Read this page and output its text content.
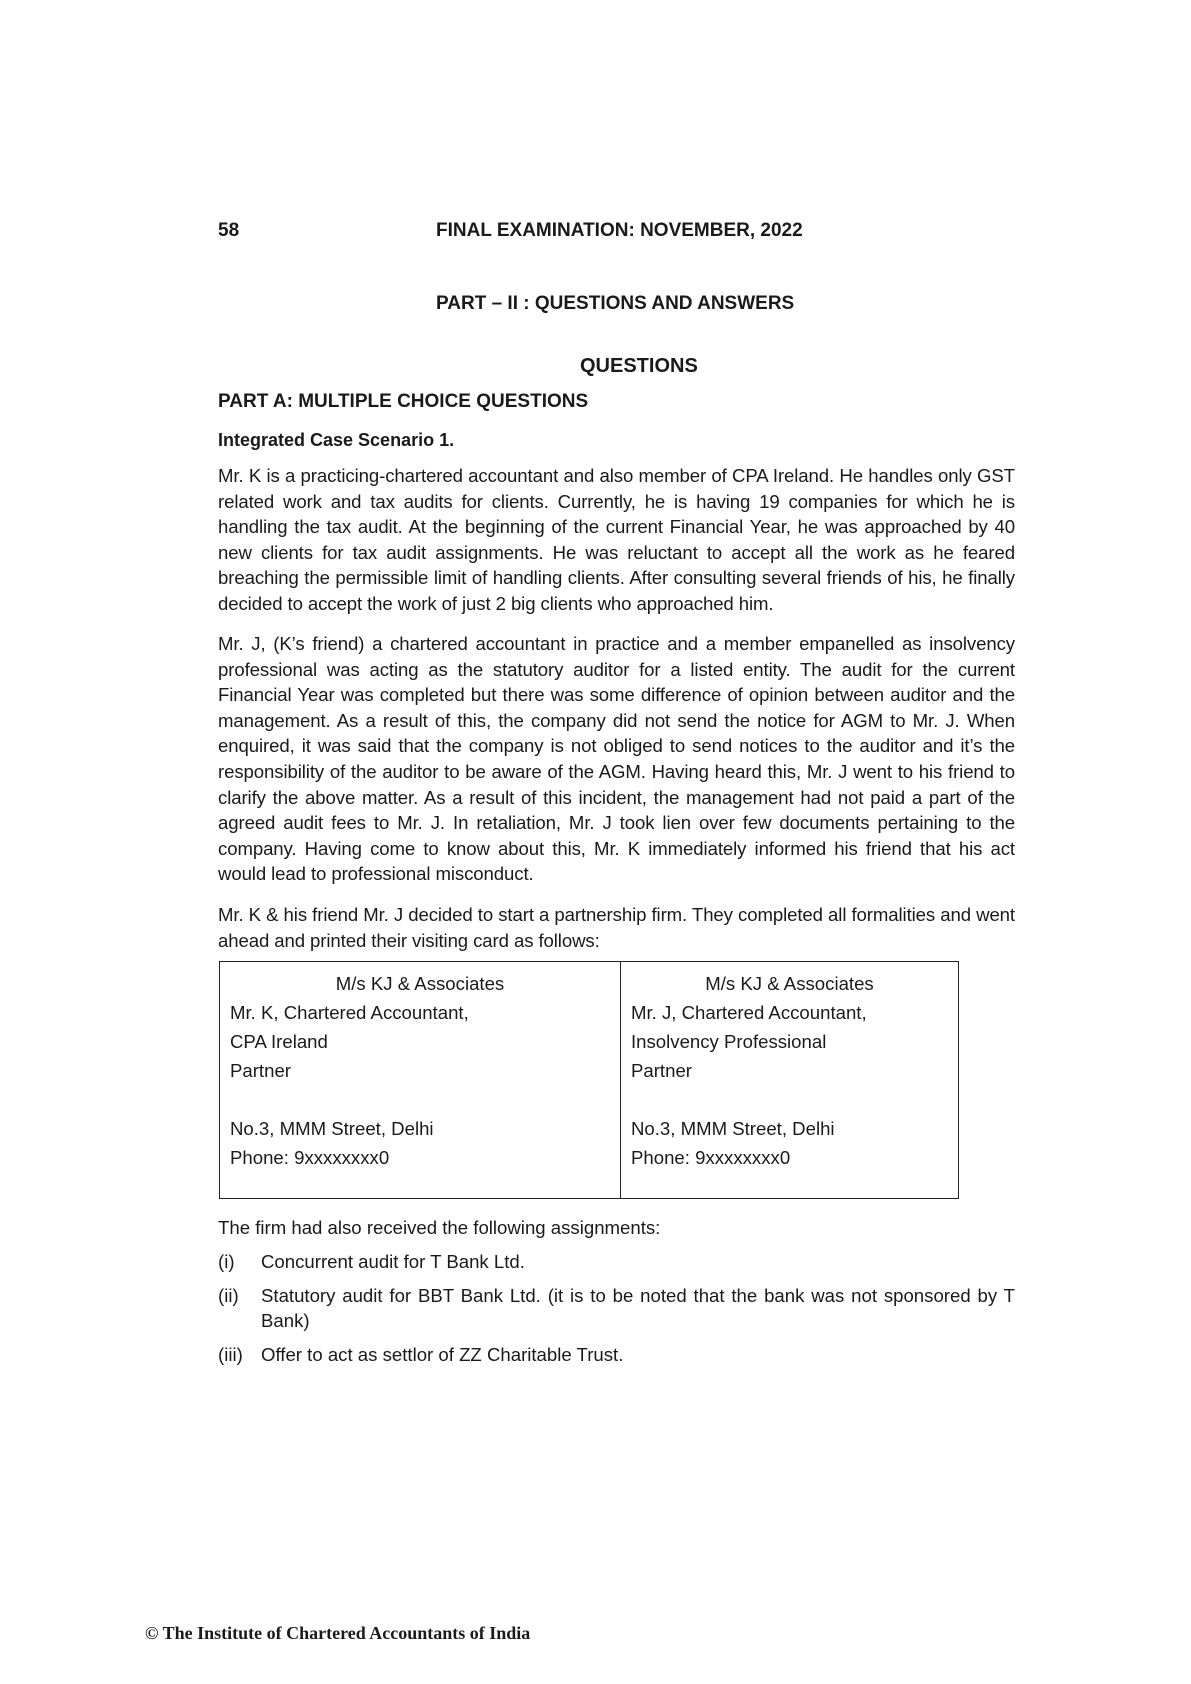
58	FINAL EXAMINATION: NOVEMBER, 2022
PART – II : QUESTIONS AND ANSWERS
QUESTIONS
PART A: MULTIPLE CHOICE QUESTIONS
Integrated Case Scenario 1.

Mr. K is a practicing-chartered accountant and also member of CPA Ireland. He handles only GST related work and tax audits for clients. Currently, he is having 19 companies for which he is handling the tax audit. At the beginning of the current Financial Year, he was approached by 40 new clients for tax audit assignments. He was reluctant to accept all the work as he feared breaching the permissible limit of handling clients. After consulting several friends of his, he finally decided to accept the work of just 2 big clients who approached him.

Mr. J, (K’s friend) a chartered accountant in practice and a member empanelled as insolvency professional was acting as the statutory auditor for a listed entity. The audit for the current Financial Year was completed but there was some difference of opinion between auditor and the management. As a result of this, the company did not send the notice for AGM to Mr. J. When enquired, it was said that the company is not obliged to send notices to the auditor and it’s the responsibility of the auditor to be aware of the AGM. Having heard this, Mr. J went to his friend to clarify the above matter. As a result of this incident, the management had not paid a part of the agreed audit fees to Mr. J. In retaliation, Mr. J took lien over few documents pertaining to the company. Having come to know about this, Mr. K immediately informed his friend that his act would lead to professional misconduct.

Mr. K & his friend Mr. J decided to start a partnership firm. They completed all formalities and went ahead and printed their visiting card as follows:

M/s KJ & Associates
Mr. K, Chartered Accountant,
CPA Ireland
Partner
No.3, MMM Street, Delhi
Phone: 9xxxxxxxx0
M/s KJ & Associates
Mr. J, Chartered Accountant,
Insolvency Professional
Partner
No.3, MMM Street, Delhi
Phone: 9xxxxxxxx0
The firm had also received the following assignments:
(i)	Concurrent audit for T Bank Ltd.
(ii)	Statutory audit for BBT Bank Ltd. (it is to be noted that the bank was not sponsored by T Bank)
(iii) Offer to act as settlor of ZZ Charitable Trust.
© The Institute of Chartered Accountants of India
